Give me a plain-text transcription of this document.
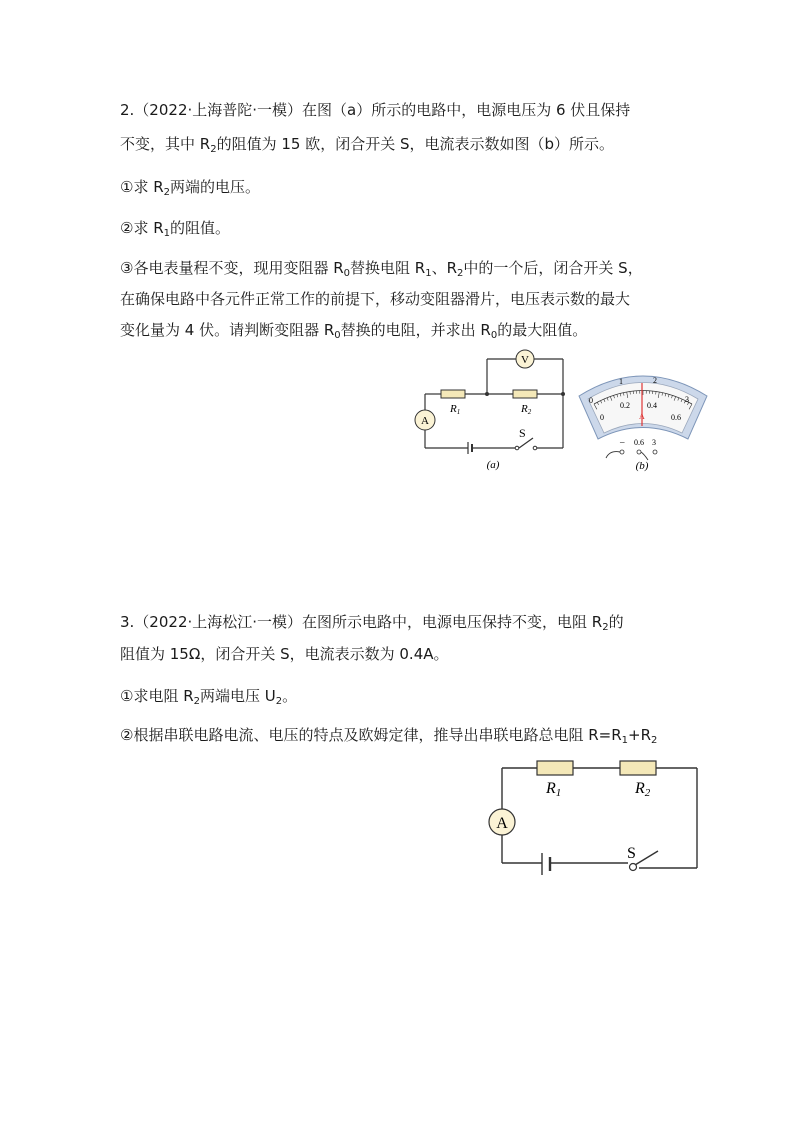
2.（2022·上海普陀·一模）在图（a）所示的电路中，电源电压为 6 伏且保持
不变，其中 $R_2$的阻值为 15 欧，闭合开关 S，电流表示数如图（b）所示。
①求 $R_2$两端的电压。
②求 $R_1$的阻值。
③各电表量程不变，现用变阻器 $R_0$替换电阻 $R_1$、$R_2$中的一个后，闭合开关 S，
在确保电路中各元件正常工作的前提下，移动变阻器滑片，电压表示数的最大
变化量为 4 伏。请判断变阻器 $R_0$替换的电阻，并求出 $R_0$的最大阻值。
V
A
R1	R2
S
(a)
0
1	2
3
0
0.2 0.4
0.6
A
– 0.6 3
(b)
3.（2022·上海松江·一模）在图所示电路中，电源电压保持不变，电阻 $R_2$的
阻值为 15Ω，闭合开关 S，电流表示数为 0.4A。
①求电阻 $R_2$两端电压 $U_2$。
②根据串联电路电流、电压的特点及欧姆定律，推导出串联电路总电阻 $R=R_1+R_2$
A
R1	R2
S
